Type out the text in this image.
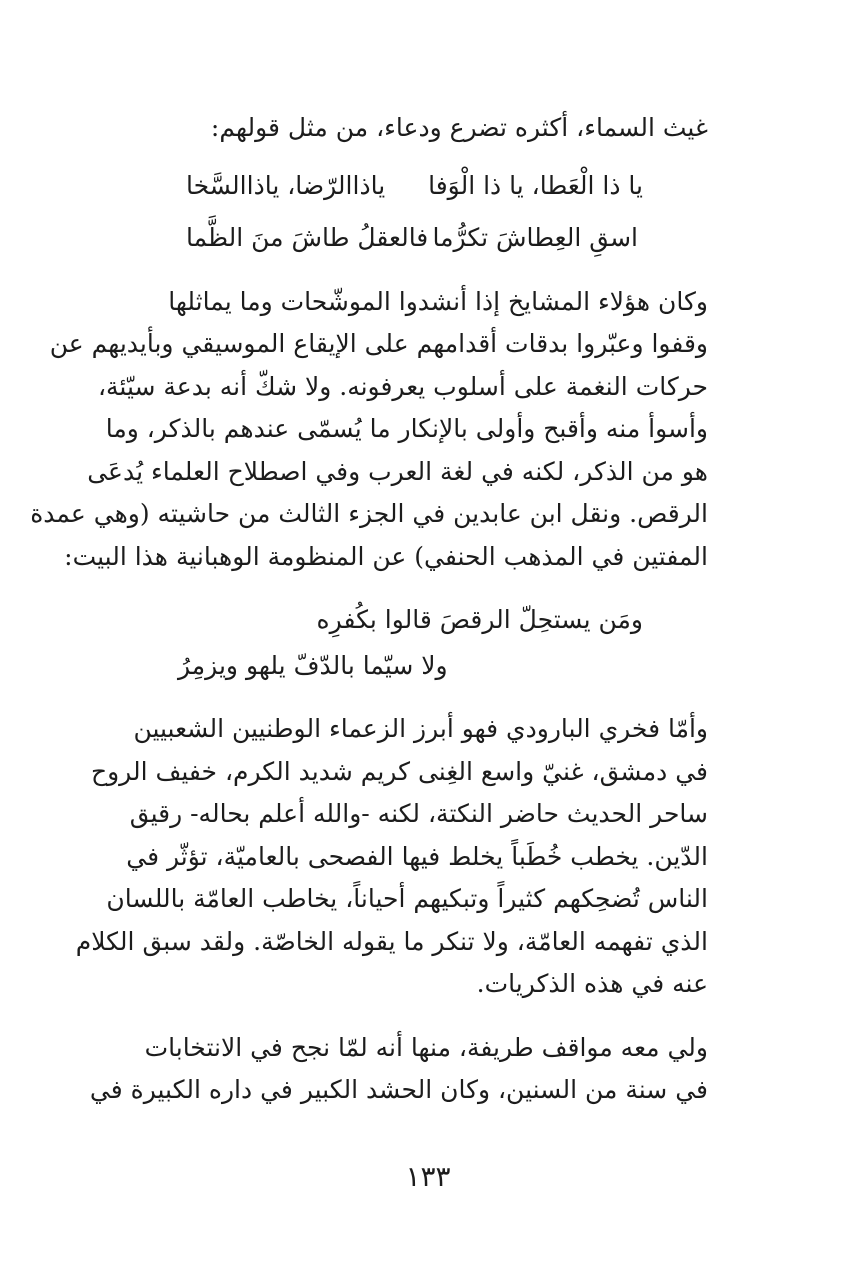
غيث السماء، أكثره تضرع ودعاء، من مثل قولهم:
يا ذا الْعَطا، يا ذا الْوَفا
ياذاالرّضا، ياذاالسَّخا
اسقِ العِطاشَ تكرُّما
فالعقلُ طاشَ منَ الظَّما
وكان هؤلاء المشايخ إذا أنشدوا الموشّحات وما يماثلها
وقفوا وعبّروا بدقات أقدامهم على الإيقاع الموسيقي وبأيديهم عن
حركات النغمة على أسلوب يعرفونه. ولا شكّ أنه بدعة سيّئة،
وأسوأ منه وأقبح وأولى بالإنكار ما يُسمّى عندهم بالذكر، وما
هو من الذكر، لكنه في لغة العرب وفي اصطلاح العلماء يُدعَى
الرقص. ونقل ابن عابدين في الجزء الثالث من حاشيته (وهي عمدة
المفتين في المذهب الحنفي) عن المنظومة الوهبانية هذا البيت:
ومَن يستحِلّ الرقصَ قالوا بكُفرِه
ولا سيّما بالدّفّ يلهو ويزمِرُ
وأمّا فخري البارودي فهو أبرز الزعماء الوطنيين الشعبيين
في دمشق، غنيّ واسع الغِنى كريم شديد الكرم، خفيف الروح
ساحر الحديث حاضر النكتة، لكنه -والله أعلم بحاله- رقيق
الدّين. يخطب خُطَباً يخلط فيها الفصحى بالعاميّة، تؤثّر في
الناس تُضحِكهم كثيراً وتبكيهم أحياناً، يخاطب العامّة باللسان
الذي تفهمه العامّة، ولا تنكر ما يقوله الخاصّة. ولقد سبق الكلام
عنه في هذه الذكريات.
ولي معه مواقف طريفة، منها أنه لمّا نجح في الانتخابات
في سنة من السنين، وكان الحشد الكبير في داره الكبيرة في
١٣٣
